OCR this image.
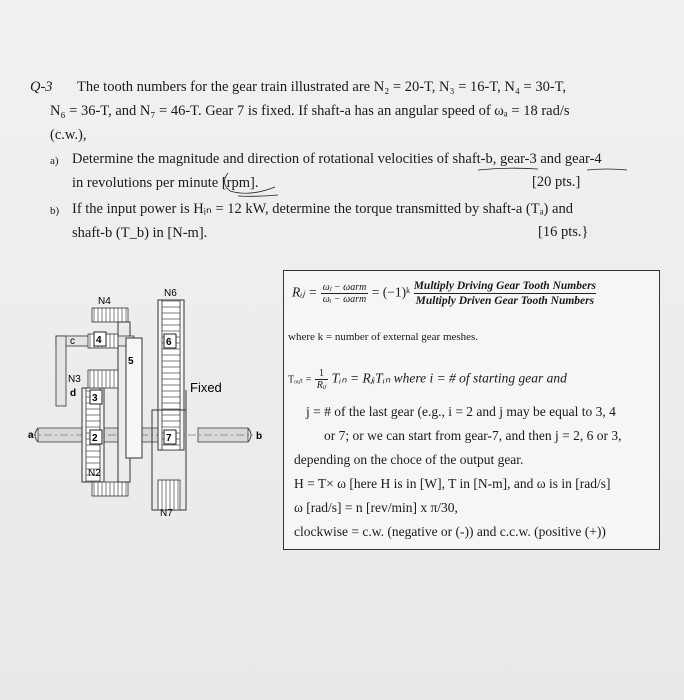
Q-3 The tooth numbers for the gear train illustrated are N₂ = 20-T, N₃ = 16-T, N₄ = 30-T,
N₆ = 36-T, and N₇ = 46-T. Gear 7 is fixed. If shaft-a has an angular speed of ωₐ = 18 rad/s
(c.w.),
a) Determine the magnitude and direction of rotational velocities of shaft-b, gear-3 and gear-4
in revolutions per minute [rpm].	[20 pts.]
b) If the input power is Hᵢₙ = 12 kW, determine the torque transmitted by shaft-a (Tₐ) and
shaft-b (T_b) in [N-m].	[16 pts.}
N4
N6
c 4	6
5
N3
d 3
Fixed
a	2	7	b
N2
N7
Rᵢⱼ = $\frac{\text{ωⱼ − ωarm}}{\text{ωᵢ − ωarm}}$ = (−1)ᵏ $\frac{\text{Multiply Driving Gear Tooth Numbers}}{\text{Multiply Driven Gear Tooth Numbers}}$
where k = number of external gear meshes.
Tₒᵤₜ = $\frac{1}{\text{Rᵢⱼ}}$ Tᵢₙ = RⱼᵢTᵢₙ where i = # of starting gear and
j = # of the last gear (e.g., i = 2 and j may be equal to 3, 4
or 7; or we can start from gear-7, and then j = 2, 6 or 3,
depending on the choce of the output gear.
H = T× ω [here H is in [W], T in [N-m], and ω is in [rad/s]
ω [rad/s] = n [rev/min] x π/30,
clockwise = c.w. (negative or (-)) and c.c.w. (positive (+))
